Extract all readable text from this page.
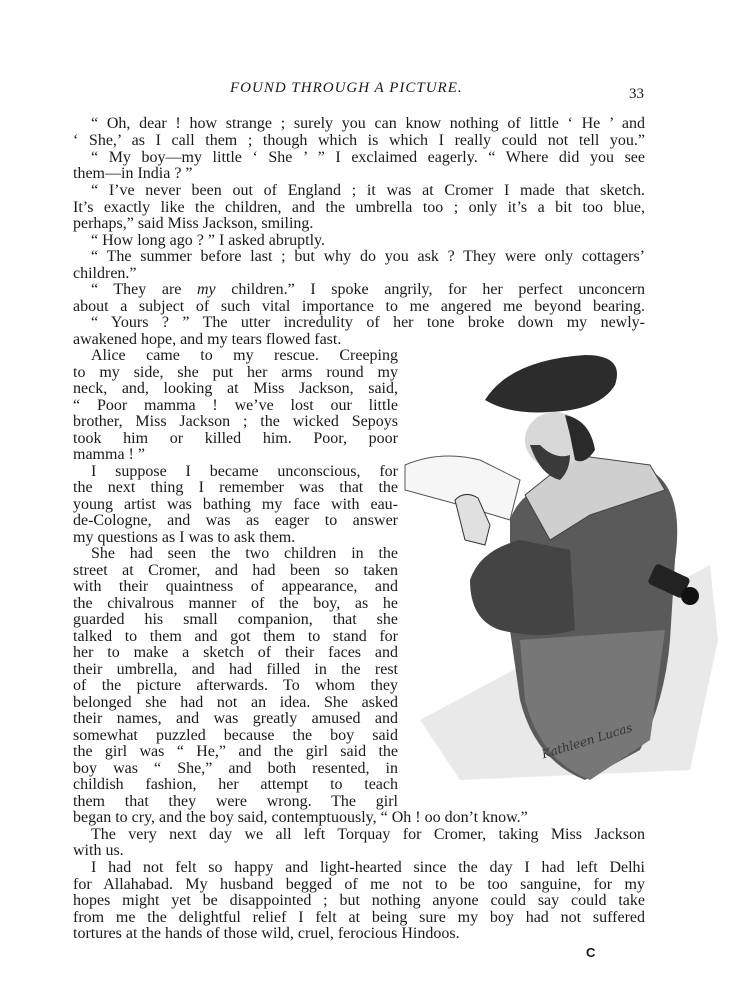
FOUND THROUGH A PICTURE.	33
“ Oh, dear ! how strange ; surely you can know nothing of little ‘ He ’ and
‘ She,’ as I call them ; though which is which I really could not tell you.”
“ My boy—my little ‘ She ’ ” I exclaimed eagerly. “ Where did you see
them—in India ? ”
“ I’ve never been out of England ; it was at Cromer I made that sketch.
It’s exactly like the children, and the umbrella too ; only it’s a bit too blue,
perhaps,” said Miss Jackson, smiling.
“ How long ago ? ” I asked abruptly.
“ The summer before last ; but why do you ask ? They were only cottagers’
children.”
“ They are my children.” I spoke angrily, for her perfect unconcern
about a subject of such vital importance to me angered me beyond bearing.
“ Yours ? ” The utter incredulity of her tone broke down my newly-
awakened hope, and my tears flowed fast.
Alice came to my rescue. Creeping
to my side, she put her arms round my
neck, and, looking at Miss Jackson, said,
“ Poor mamma ! we’ve lost our little
brother, Miss Jackson ; the wicked Sepoys
took him or killed him. Poor, poor
mamma ! ”
I suppose I became unconscious, for
the next thing I remember was that the
young artist was bathing my face with eau-
de-Cologne, and was as eager to answer
my questions as I was to ask them.
She had seen the two children in the
street at Cromer, and had been so taken
with their quaintness of appearance, and
the chivalrous manner of the boy, as he
guarded his small companion, that she
talked to them and got them to stand for
her to make a sketch of their faces and
their umbrella, and had filled in the rest
of the picture afterwards. To whom they
belonged she had not an idea. She asked
their names, and was greatly amused and
somewhat puzzled because the boy said
the girl was “ He,” and the girl said the
boy was “ She,” and both resented, in
childish fashion, her attempt to teach
them that they were wrong. The girl
began to cry, and the boy said, contemptuously, “ Oh ! oo don’t know.”
The very next day we all left Torquay for Cromer, taking Miss Jackson
with us.
I had not felt so happy and light-hearted since the day I had left Delhi
for Allahabad. My husband begged of me not to be too sanguine, for my
hopes might yet be disappointed ; but nothing anyone could say could take
from me the delightful relief I felt at being sure my boy had not suffered
tortures at the hands of those wild, cruel, ferocious Hindoos.
C
Kathleen Lucas
